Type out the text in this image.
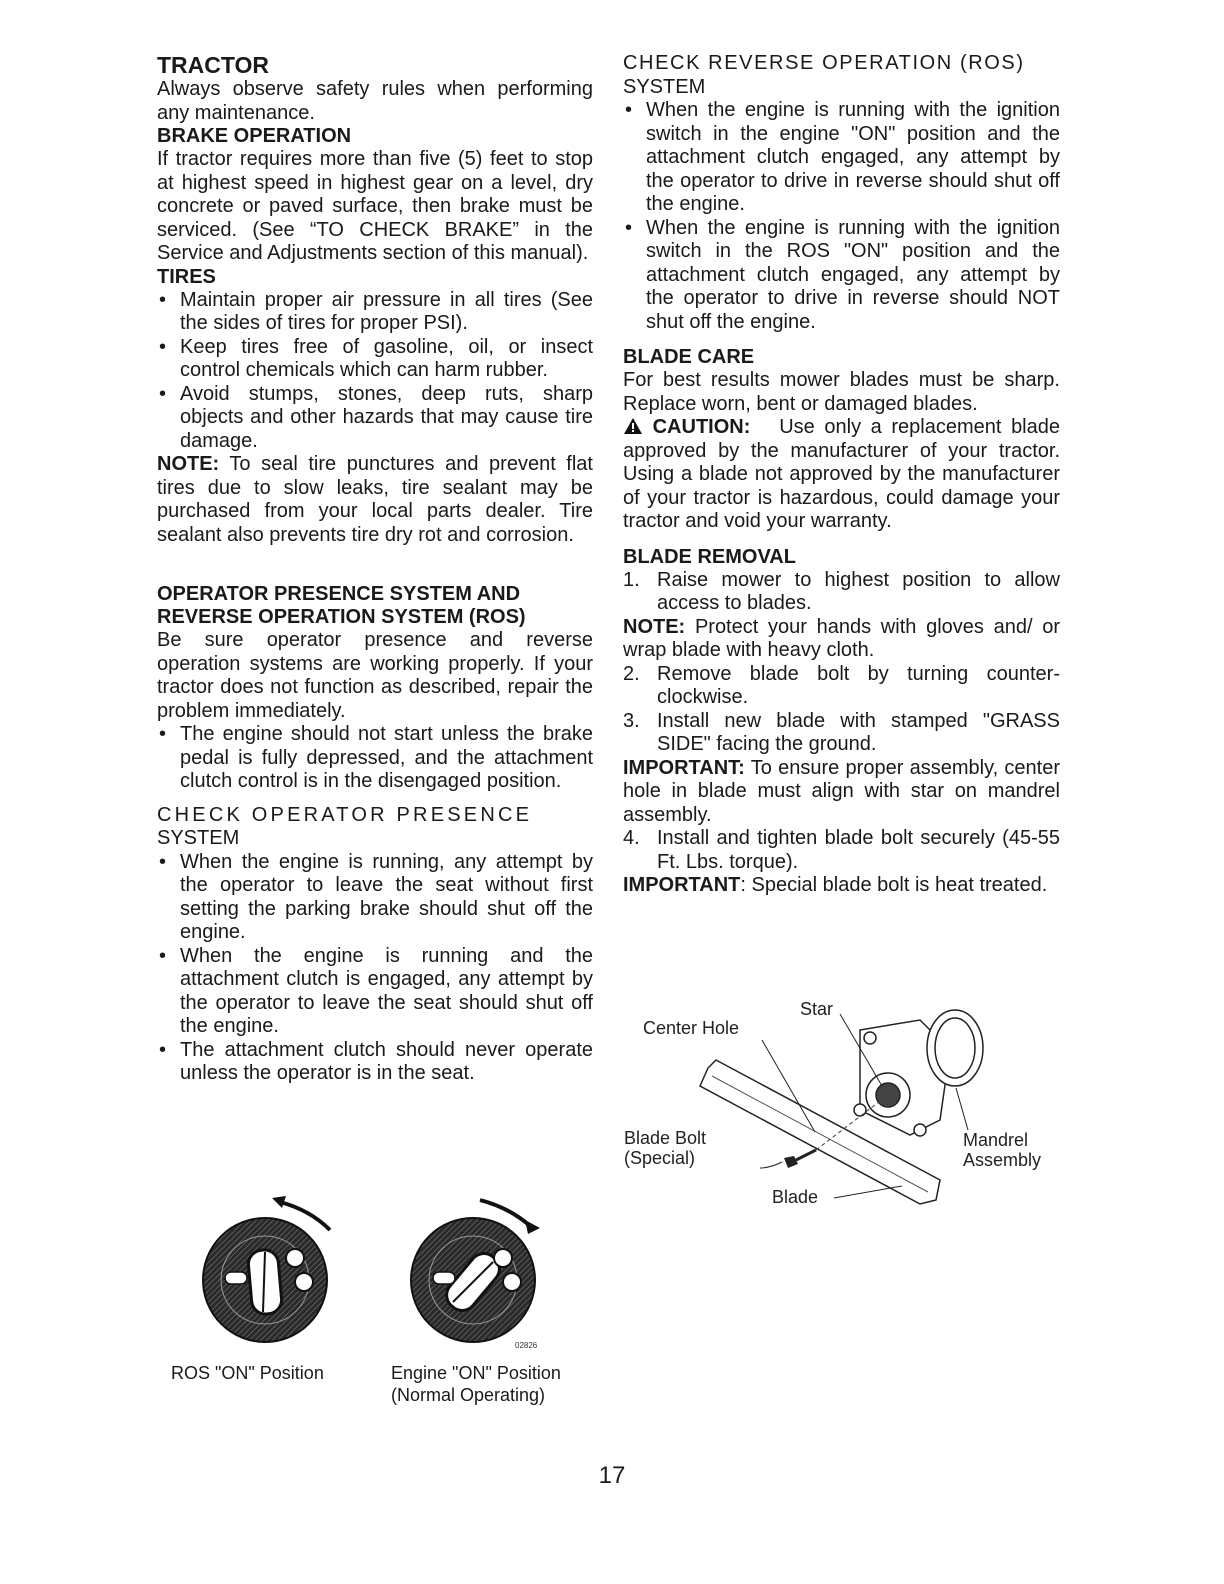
TRACTOR

Always observe safety rules when performing any maintenance.

BRAKE OPERATION

If tractor requires more than five (5) feet to stop at highest speed in highest gear on a level, dry concrete or paved surface, then brake must be serviced. (See “TO CHECK BRAKE” in the Service and Adjustments section of this manual).

TIRES
• Maintain proper air pressure in all tires (See the sides of tires for proper PSI).
• Keep tires free of gasoline, oil, or insect control chemicals which can harm rubber.
• Avoid stumps, stones, deep ruts, sharp objects and other hazards that may cause tire damage.

NOTE: To seal tire punctures and prevent flat tires due to slow leaks, tire sealant may be purchased from your local parts dealer. Tire sealant also prevents tire dry rot and corrosion.

OPERATOR PRESENCE SYSTEM AND
REVERSE OPERATION SYSTEM (ROS)

Be sure operator presence and reverse operation systems are working properly. If your tractor does not function as described, repair the problem immediately.

• The engine should not start unless the brake pedal is fully depressed, and the attachment clutch control is in the disengaged position.
CHECK OPERATOR PRESENCE
SYSTEM
• When the engine is running, any attempt by the operator to leave the seat without first setting the parking brake should shut off the engine.
• When the engine is running and the attachment clutch is engaged, any attempt by the operator to leave the seat should shut off the engine.
• The attachment clutch should never operate unless the operator is in the seat.
02826
ROS "ON" Position	Engine "ON" Position
(Normal Operating)
CHECK REVERSE OPERATION (ROS)
SYSTEM
• When the engine is running with the ignition switch in the engine "ON" position and the attachment clutch engaged, any attempt by the operator to drive in reverse should shut off the engine.
• When the engine is running with the ignition switch in the ROS "ON" position and the attachment clutch engaged, any attempt by the operator to drive in reverse should NOT shut off the engine.
BLADE CARE

For best results mower blades must be sharp. Replace worn, bent or damaged blades.

CAUTION: Use only a replacement blade approved by the manufacturer of your tractor. Using a blade not approved by the manufacturer of your tractor is hazardous, could damage your tractor and void your warranty.

BLADE REMOVAL
1. Raise mower to highest position to allow access to blades.

NOTE: Protect your hands with gloves and/ or wrap blade with heavy cloth.

2. Remove blade bolt by turning counter-clockwise.
3. Install new blade with stamped "GRASS SIDE" facing the ground.

IMPORTANT: To ensure proper assembly, center hole in blade must align with star on mandrel assembly.

4. Install and tighten blade bolt securely (45-55 Ft. Lbs. torque).

IMPORTANT: Special blade bolt is heat treated.

Star
Center Hole
Blade Bolt
(Special)
Mandrel
Assembly
Blade
17
